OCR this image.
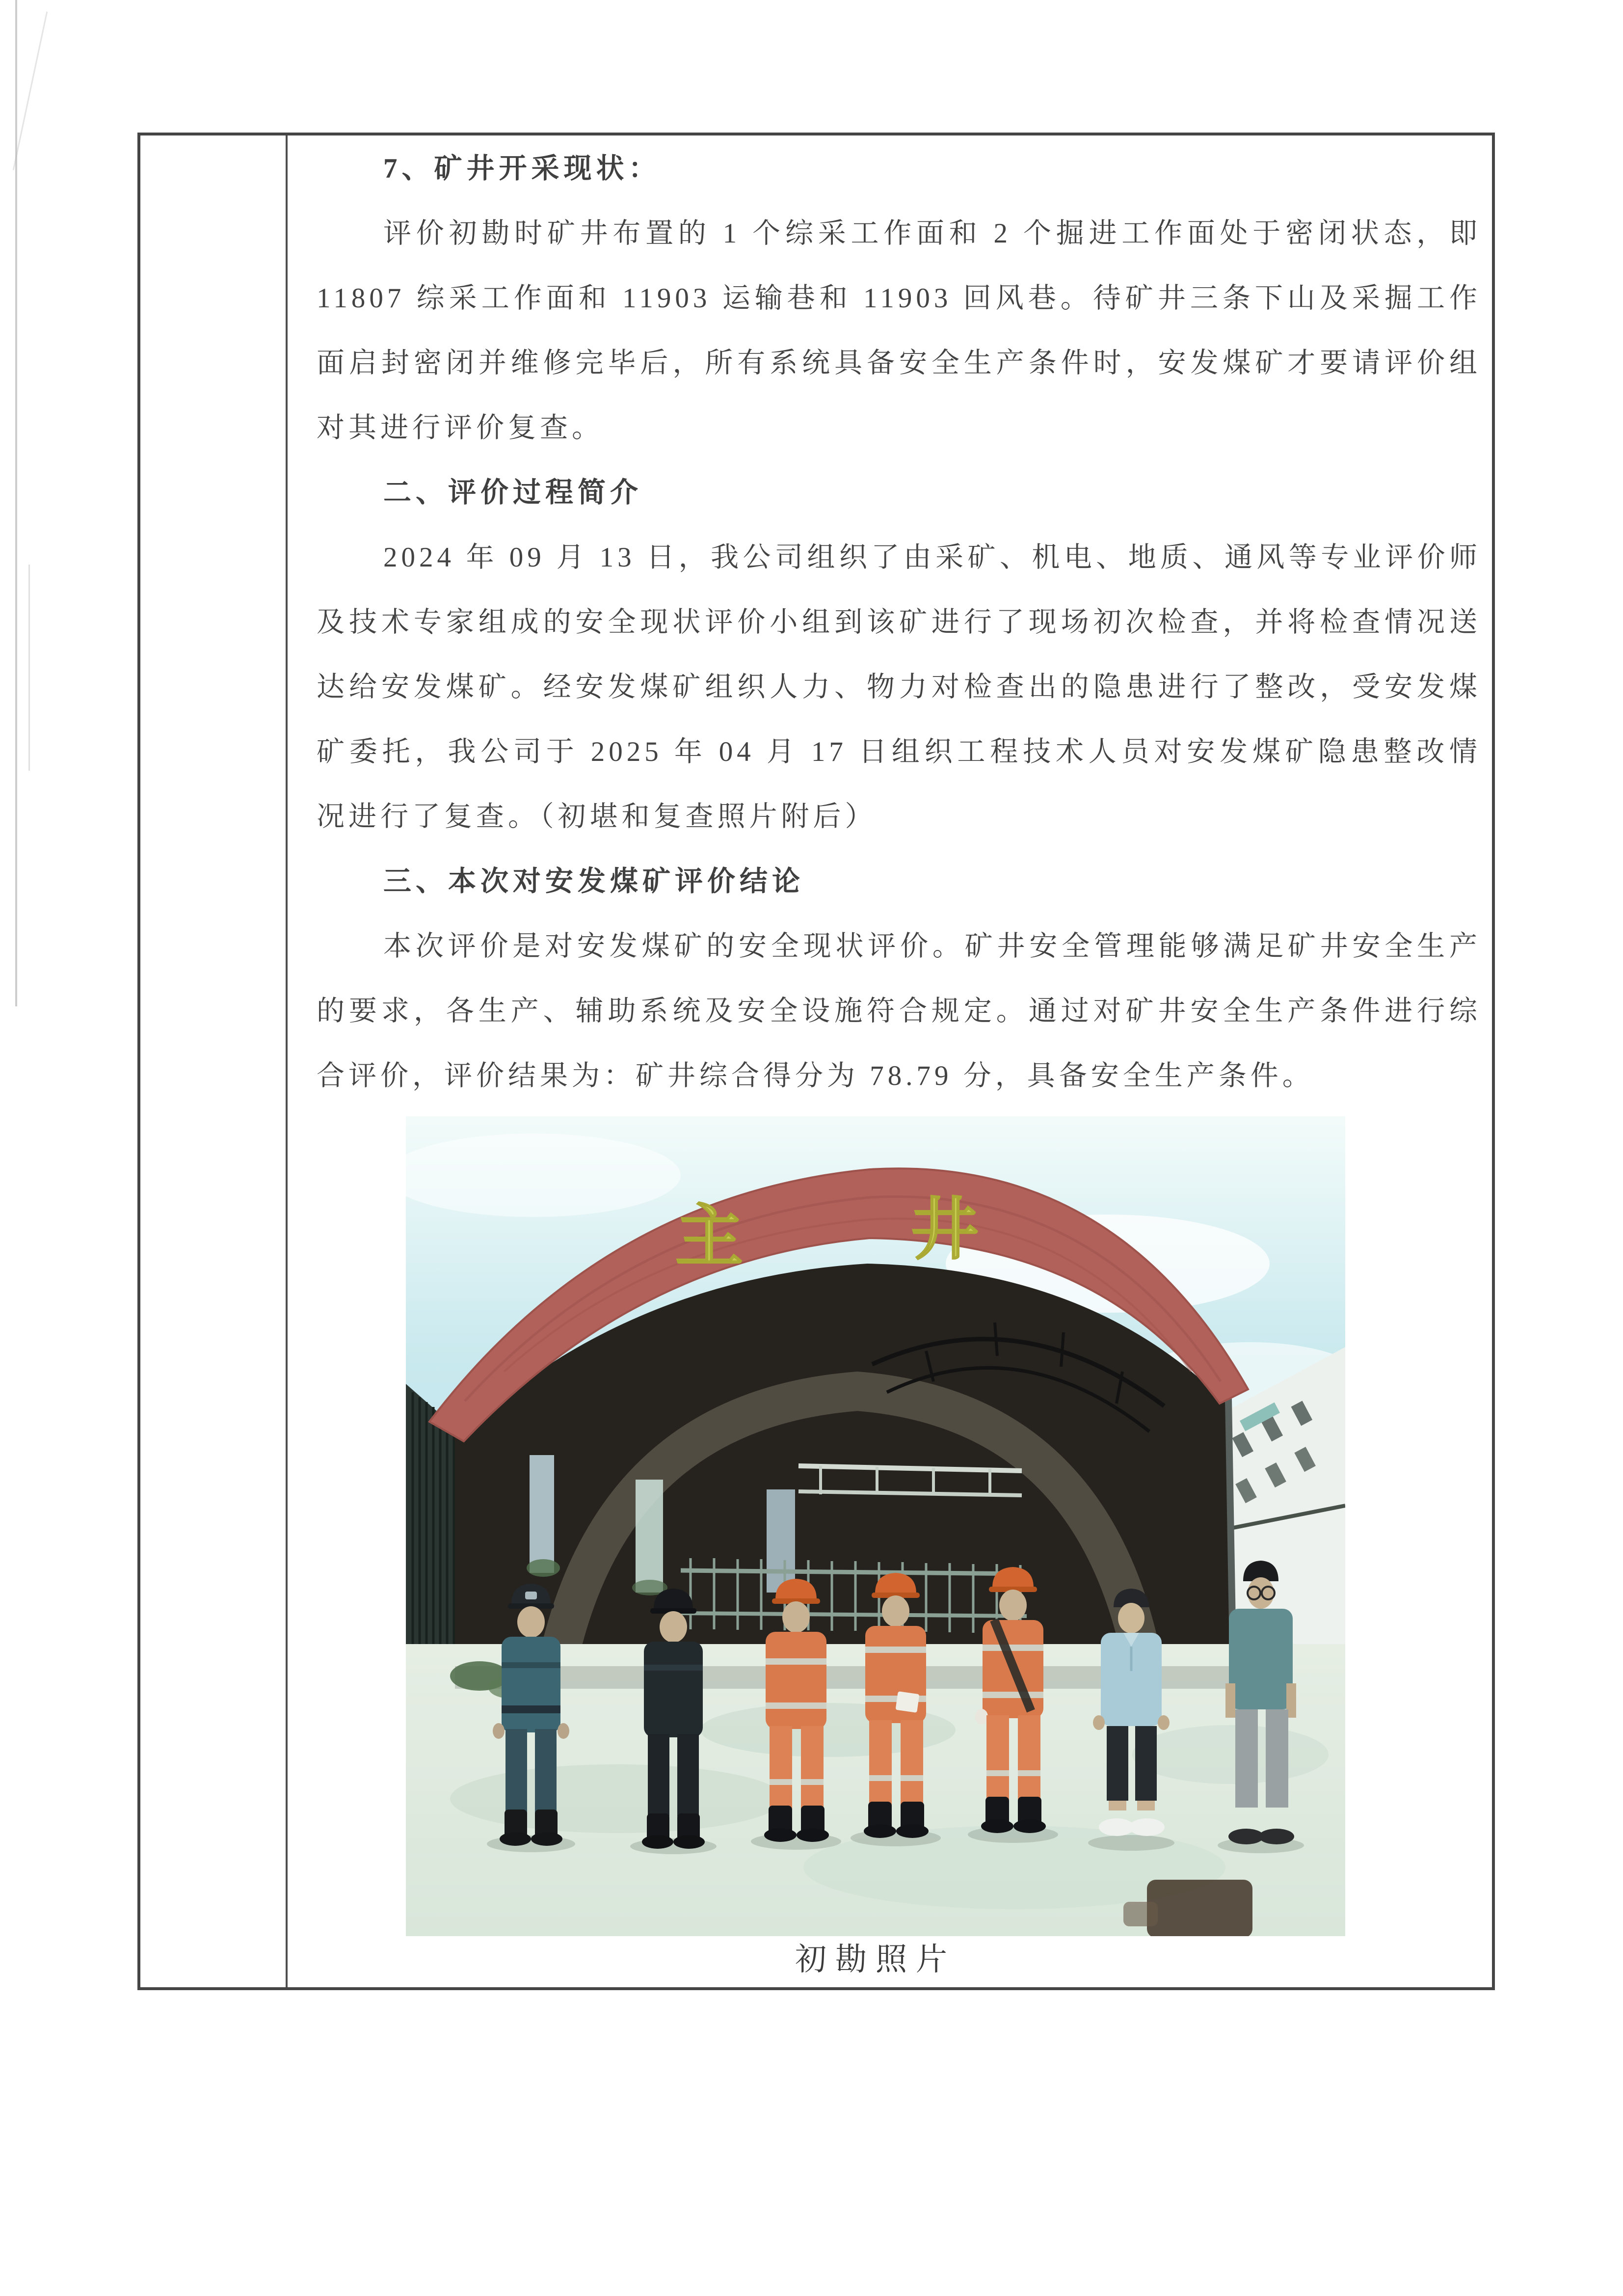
7、矿井开采现状：

评价初勘时矿井布置的 1 个综采工作面和 2 个掘进工作面处于密闭状态，即 11807 综采工作面和 11903 运输巷和 11903 回风巷。待矿井三条下山及采掘工作面启封密闭并维修完毕后，所有系统具备安全生产条件时，安发煤矿才要请评价组对其进行评价复查。

二、评价过程简介

2024 年 09 月 13 日，我公司组织了由采矿、机电、地质、通风等专业评价师及技术专家组成的安全现状评价小组到该矿进行了现场初次检查，并将检查情况送达给安发煤矿。经安发煤矿组织人力、物力对检查出的隐患进行了整改，受安发煤矿委托，我公司于 2025 年 04 月 17 日组织工程技术人员对安发煤矿隐患整改情况进行了复查。（初堪和复查照片附后）

三、本次对安发煤矿评价结论

本次评价是对安发煤矿的安全现状评价。矿井安全管理能够满足矿井安全生产的要求，各生产、辅助系统及安全设施符合规定。通过对矿井安全生产条件进行综合评价，评价结果为：矿井综合得分为 78.79 分，具备安全生产条件。

主 井
初勘照片
